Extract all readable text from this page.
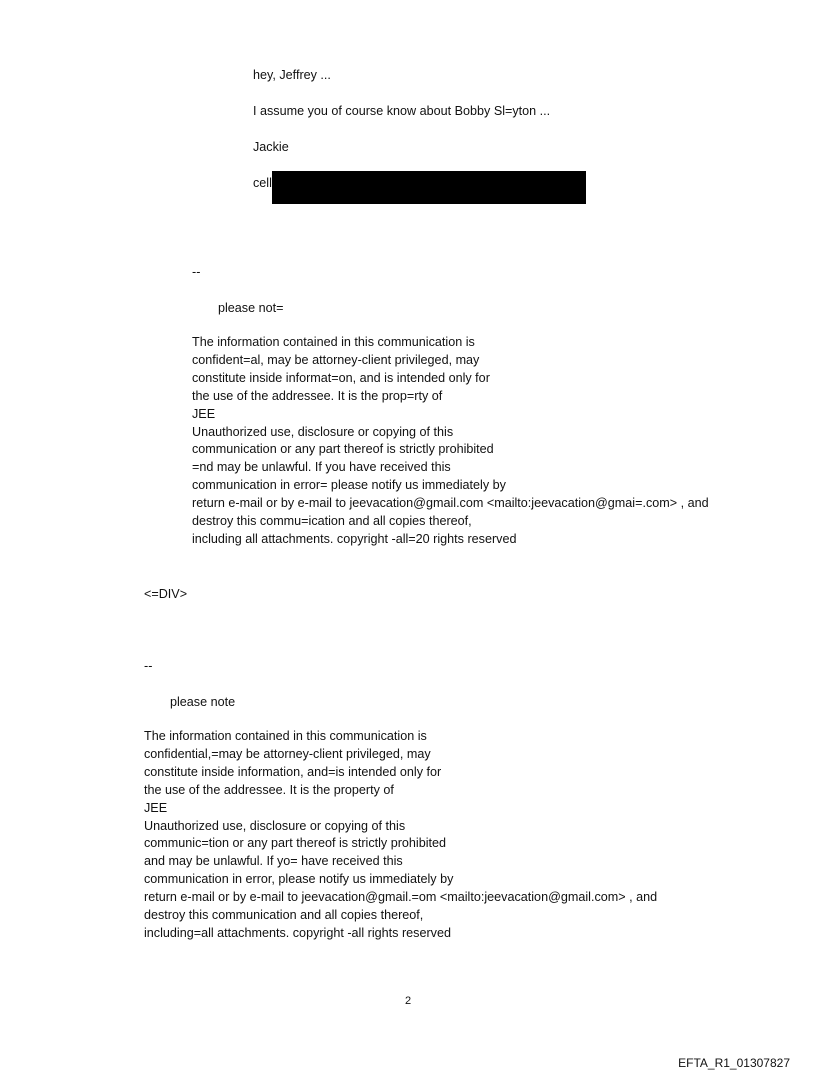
hey, Jeffrey ...

I assume you of course know about Bobby Sl=yton ...

Jackie

cell

--

please not=

The information contained in this communication is
confident=al, may be attorney-client privileged, may
constitute inside informat=on, and is intended only for
the use of the addressee. It is the prop=rty of
JEE
Unauthorized use, disclosure or copying of this
communication or any part thereof is strictly prohibited
=nd may be unlawful. If you have received this
communication in error= please notify us immediately by
return e-mail or by e-mail to jeevacation@gmail.com <mailto:jeevacation@gmai=.com> , and
destroy this commu=ication and all copies thereof,
including all attachments. copyright -all=20 rights reserved

<=DIV>

--

please note

The information contained in this communication is
confidential,=may be attorney-client privileged, may
constitute inside information, and=is intended only for
the use of the addressee. It is the property of
JEE
Unauthorized use, disclosure or copying of this
communic=tion or any part thereof is strictly prohibited
and may be unlawful. If yo= have received this
communication in error, please notify us immediately by
return e-mail or by e-mail to jeevacation@gmail.=om <mailto:jeevacation@gmail.com> , and
destroy this communication and all copies thereof,
including=all attachments. copyright -all rights reserved
2
EFTA_R1_01307827
